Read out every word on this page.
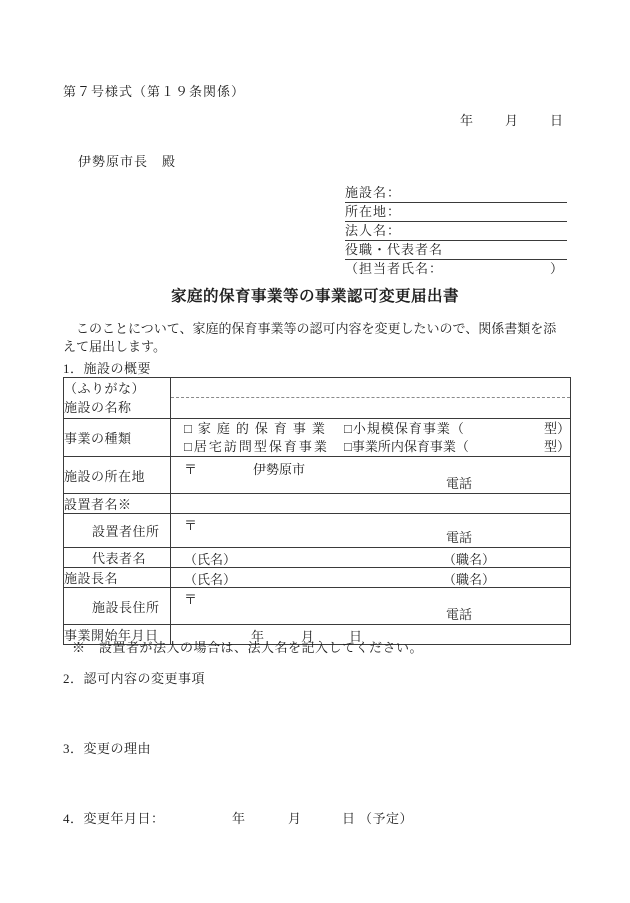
第７号様式（第１９条関係）
年 月 日
伊勢原市長　殿
施設名：
所在地：
法人名：
役職・代表者名
（担当者氏名：	）
家庭的保育事業等の事業認可変更届出書
　このことについて、家庭的保育事業等の認可内容を変更したいので、関係書類を添
えて届出します。
1．施設の概要
（ふりがな）
施設の名称	

事業の種類	
□家庭的保育事業 □小規模保育事業（	型）
□居宅訪問型保育事業 □事業所内保育事業（	型）

施設の所在地	〒 伊勢原市
電話

設置者名※	
設置者住所	〒
電話

代表者名	（氏名） （職名）

施設長名	（氏名） （職名）

施設長住所	〒
電話

事業開始年月日	年 月 日
※　設置者が法人の場合は、法人名を記入してください。
2．認可内容の変更事項
3．変更の理由
4．変更年月日：	年	月	日 （予定）
